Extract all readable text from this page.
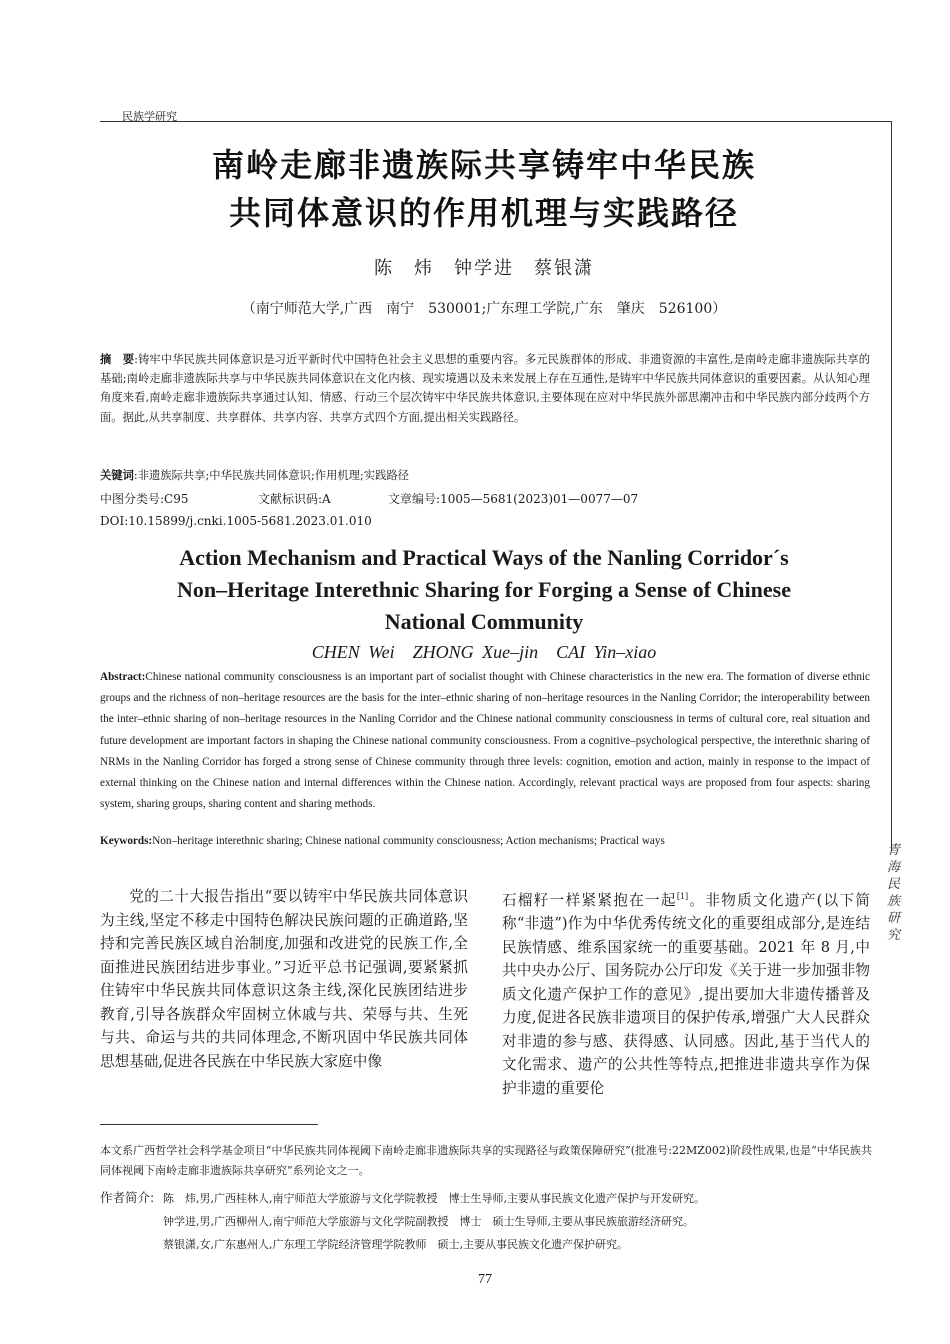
民族学研究
南岭走廊非遗族际共享铸牢中华民族
共同体意识的作用机理与实践路径
陈　炜　钟学进　蔡银潇
（南宁师范大学,广西　南宁　530001;广东理工学院,广东　肇庆　526100）
摘　要:铸牢中华民族共同体意识是习近平新时代中国特色社会主义思想的重要内容。多元民族群体的形成、非遗资源的丰富性,是南岭走廊非遗族际共享的基础;南岭走廊非遗族际共享与中华民族共同体意识在文化内核、现实境遇以及未来发展上存在互通性,是铸牢中华民族共同体意识的重要因素。从认知心理角度来看,南岭走廊非遗族际共享通过认知、情感、行动三个层次铸牢中华民族共体意识,主要体现在应对中华民族外部思潮冲击和中华民族内部分歧两个方面。据此,从共享制度、共享群体、共享内容、共享方式四个方面,提出相关实践路径。
关键词:非遗族际共享;中华民族共同体意识;作用机理;实践路径
中图分类号:C95	文献标识码:A	文章编号:1005—5681(2023)01—0077—07
DOI:10.15899/j.cnki.1005-5681.2023.01.010
Action Mechanism and Practical Ways of the Nanling Corridor´s
Non–Heritage Interethnic Sharing for Forging a Sense of Chinese
National Community
CHEN Wei　ZHONG Xue–jin　CAI Yin–xiao
Abstract:Chinese national community consciousness is an important part of socialist thought with Chinese characteristics in the new era. The formation of diverse ethnic groups and the richness of non–heritage resources are the basis for the inter–ethnic sharing of non–heritage resources in the Nanling Corridor; the interoperability between the inter–ethnic sharing of non–heritage resources in the Nanling Corridor and the Chinese national community consciousness in terms of cultural core, real situation and future development are important factors in shaping the Chinese national community consciousness. From a cognitive–psychological perspective, the interethnic sharing of NRMs in the Nanling Corridor has forged a strong sense of Chinese community through three levels: cognition, emotion and action, mainly in response to the impact of external thinking on the Chinese nation and internal differences within the Chinese nation. Accordingly, relevant practical ways are proposed from four aspects: sharing system, sharing groups, sharing content and sharing methods.
Keywords:Non–heritage interethnic sharing; Chinese national community consciousness; Action mechanisms; Practical ways
青海民族研究
党的二十大报告指出“要以铸牢中华民族共同体意识为主线,坚定不移走中国特色解决民族问题的正确道路,坚持和完善民族区域自治制度,加强和改进党的民族工作,全面推进民族团结进步事业。”习近平总书记强调,要紧紧抓住铸牢中华民族共同体意识这条主线,深化民族团结进步教育,引导各族群众牢固树立休戚与共、荣辱与共、生死与共、命运与共的共同体理念,不断巩固中华民族共同体思想基础,促进各民族在中华民族大家庭中像
石榴籽一样紧紧抱在一起[1]。非物质文化遗产(以下简称“非遗”)作为中华优秀传统文化的重要组成部分,是连结民族情感、维系国家统一的重要基础。2021 年 8 月,中共中央办公厅、国务院办公厅印发《关于进一步加强非物质文化遗产保护工作的意见》,提出要加大非遗传播普及力度,促进各民族非遗项目的保护传承,增强广大人民群众对非遗的参与感、获得感、认同感。因此,基于当代人的文化需求、遗产的公共性等特点,把推进非遗共享作为保护非遗的重要伦
本文系广西哲学社会科学基金项目“中华民族共同体视阈下南岭走廊非遗族际共享的实现路径与政策保障研究”(批准号:22MZ002)阶段性成果,也是“中华民族共同体视阈下南岭走廊非遗族际共享研究”系列论文之一。
作者简介: 陈　炜,男,广西桂林人,南宁师范大学旅游与文化学院教授　博士生导师,主要从事民族文化遗产保护与开发研究。
钟学进,男,广西柳州人,南宁师范大学旅游与文化学院副教授　博士　硕士生导师,主要从事民族旅游经济研究。
蔡银潇,女,广东惠州人,广东理工学院经济管理学院教师　硕士,主要从事民族文化遗产保护研究。
77
